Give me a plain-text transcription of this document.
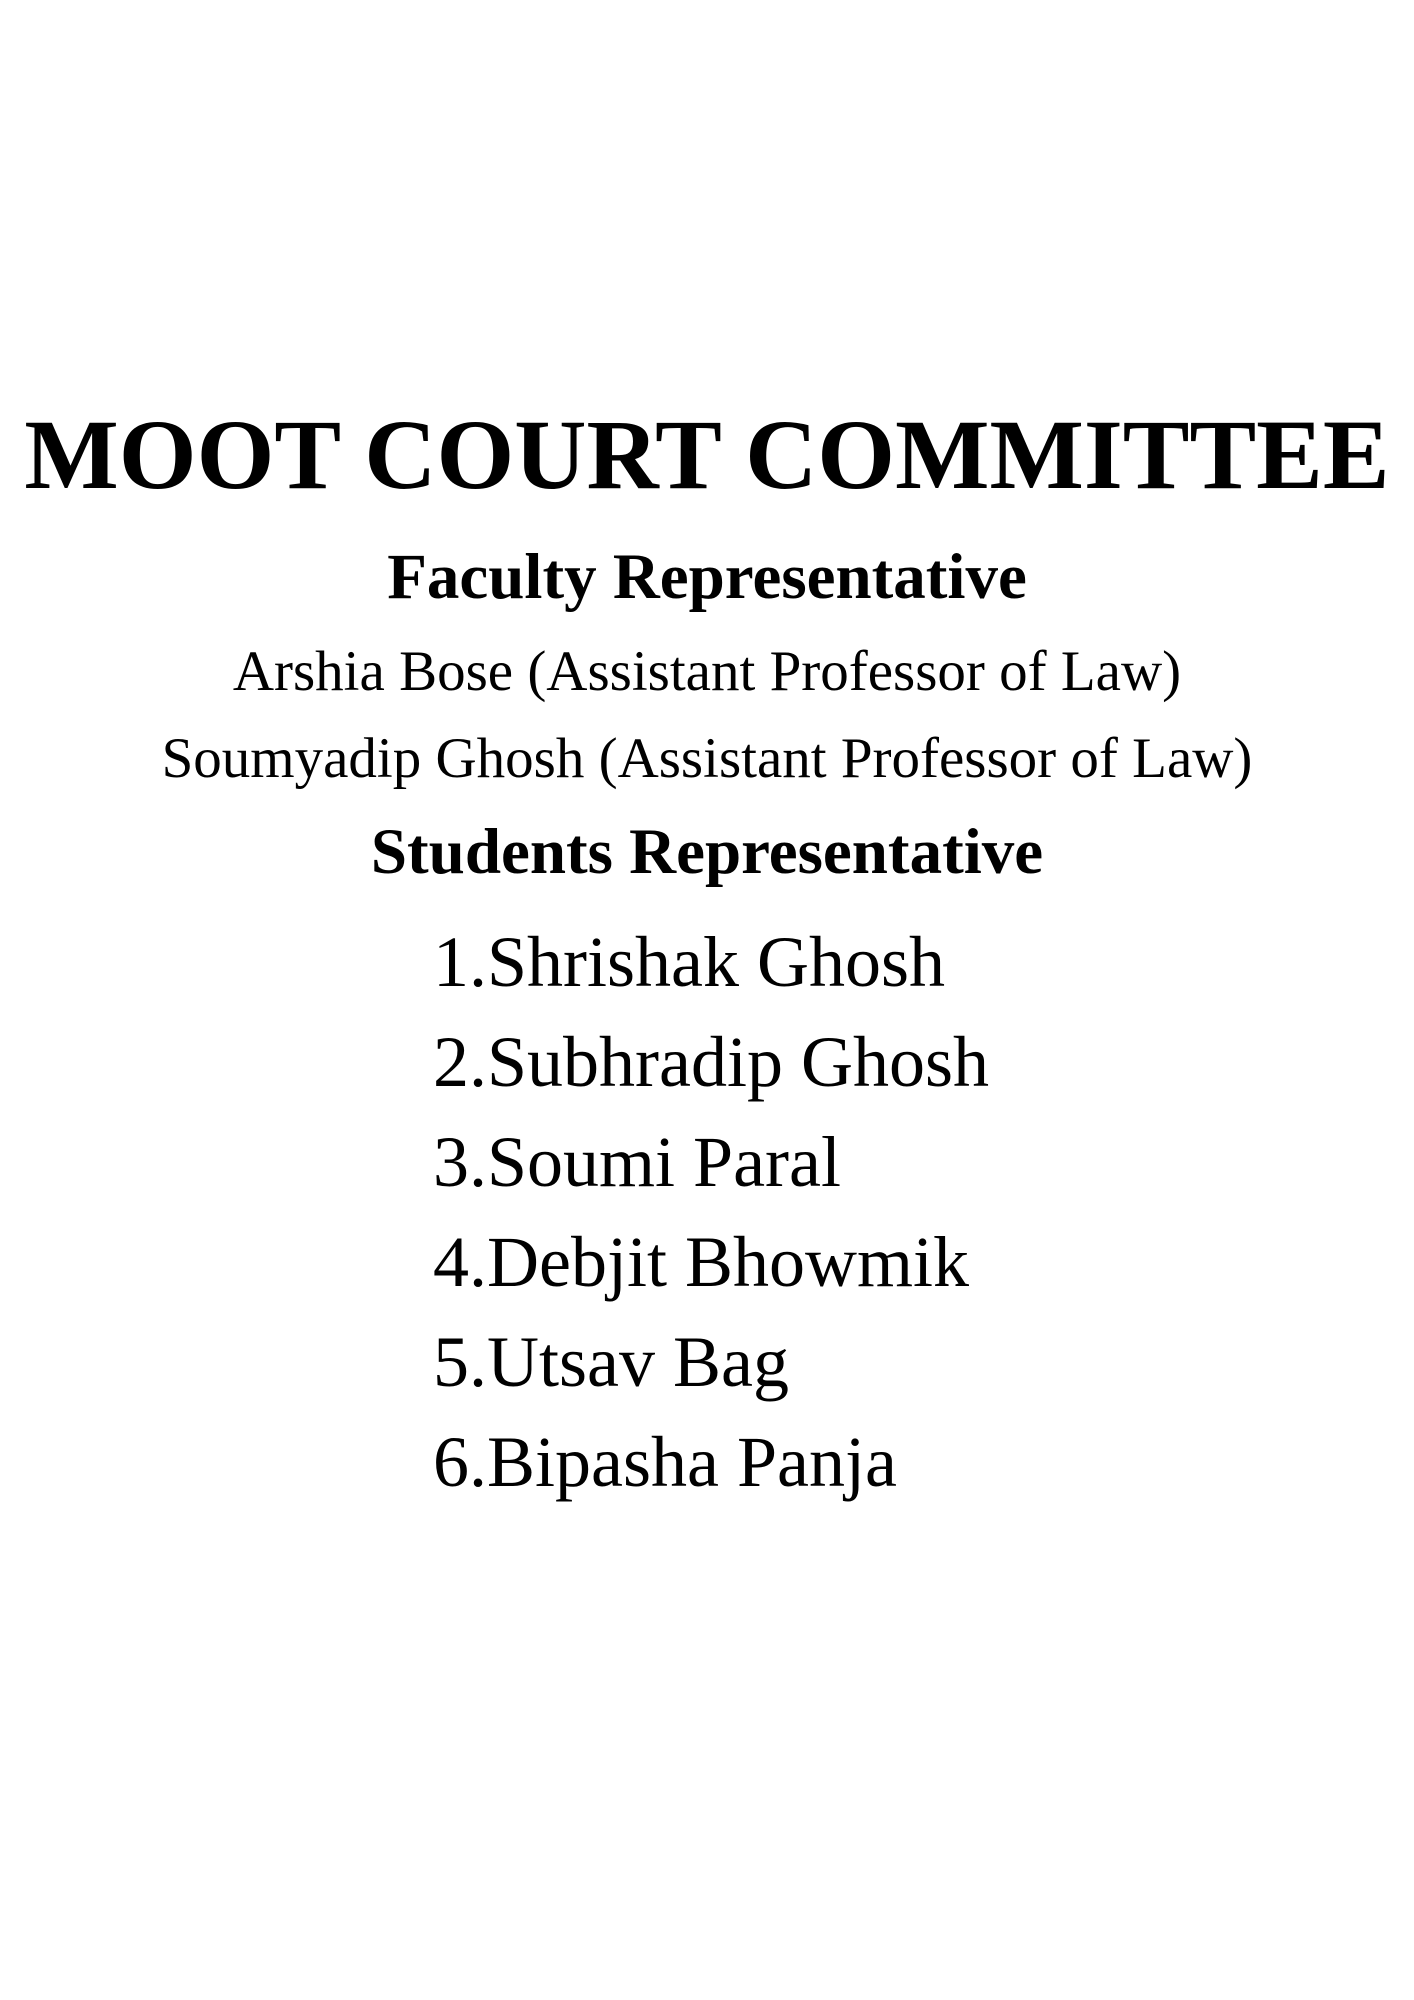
MOOT COURT COMMITTEE
Faculty Representative
Arshia Bose (Assistant Professor of Law)
Soumyadip Ghosh (Assistant Professor of Law)
Students Representative
1.Shrishak Ghosh
2.Subhradip Ghosh
3.Soumi Paral
4.Debjit Bhowmik
5.Utsav Bag
6.Bipasha Panja
